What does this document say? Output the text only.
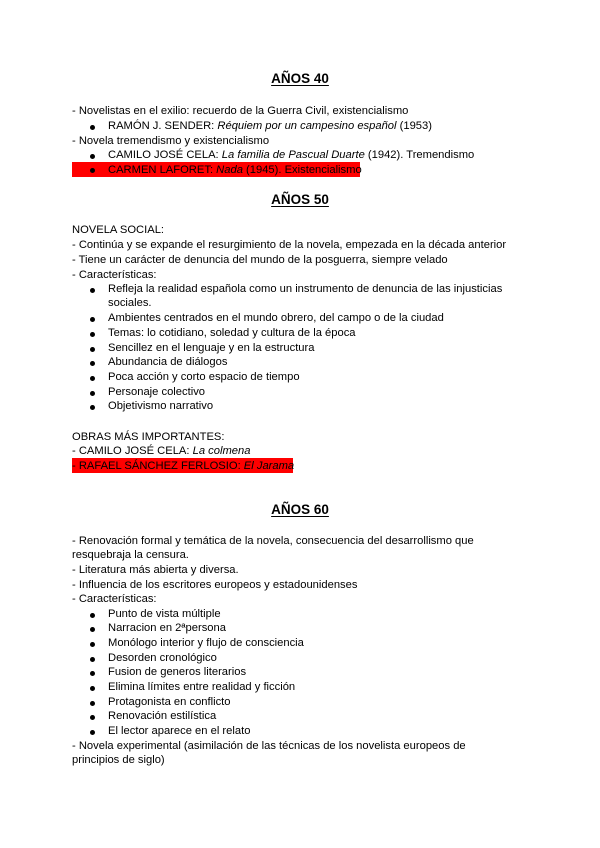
AÑOS 40
- Novelistas en el exilio: recuerdo de la Guerra Civil, existencialismo
RAMÓN J. SENDER: Réquiem por un campesino español (1953)
- Novela tremendismo y existencialismo
CAMILO JOSÉ CELA: La familia de Pascual Duarte (1942). Tremendismo
CARMEN LAFORET: Nada (1945). Existencialismo
AÑOS 50
NOVELA SOCIAL:
- Continúa y se expande el resurgimiento de la novela, empezada en la década anterior
- Tiene un carácter de denuncia del mundo de la posguerra, siempre velado
- Características:
Refleja la realidad española como un instrumento de denuncia de las injusticias
sociales.
Ambientes centrados en el mundo obrero, del campo o de la ciudad
Temas: lo cotidiano, soledad y cultura de la época
Sencillez en el lenguaje y en la estructura
Abundancia de diálogos
Poca acción y corto espacio de tiempo
Personaje colectivo
Objetivismo narrativo
OBRAS MÁS IMPORTANTES:
- CAMILO JOSÉ CELA: La colmena
- RAFAEL SÁNCHEZ FERLOSIO: El Jarama
AÑOS 60
- Renovación formal y temática de la novela, consecuencia del desarrollismo que
resquebraja la censura.
- Literatura más abierta y diversa.
- Influencia de los escritores europeos y estadounidenses
- Características:
Punto de vista múltiple
Narracion en 2ªpersona
Monólogo interior y flujo de consciencia
Desorden cronológico
Fusion de generos literarios
Elimina límites entre realidad y ficción
Protagonista en conflicto
Renovación estilística
El lector aparece en el relato
- Novela experimental (asimilación de las técnicas de los novelista europeos de
principios de siglo)
